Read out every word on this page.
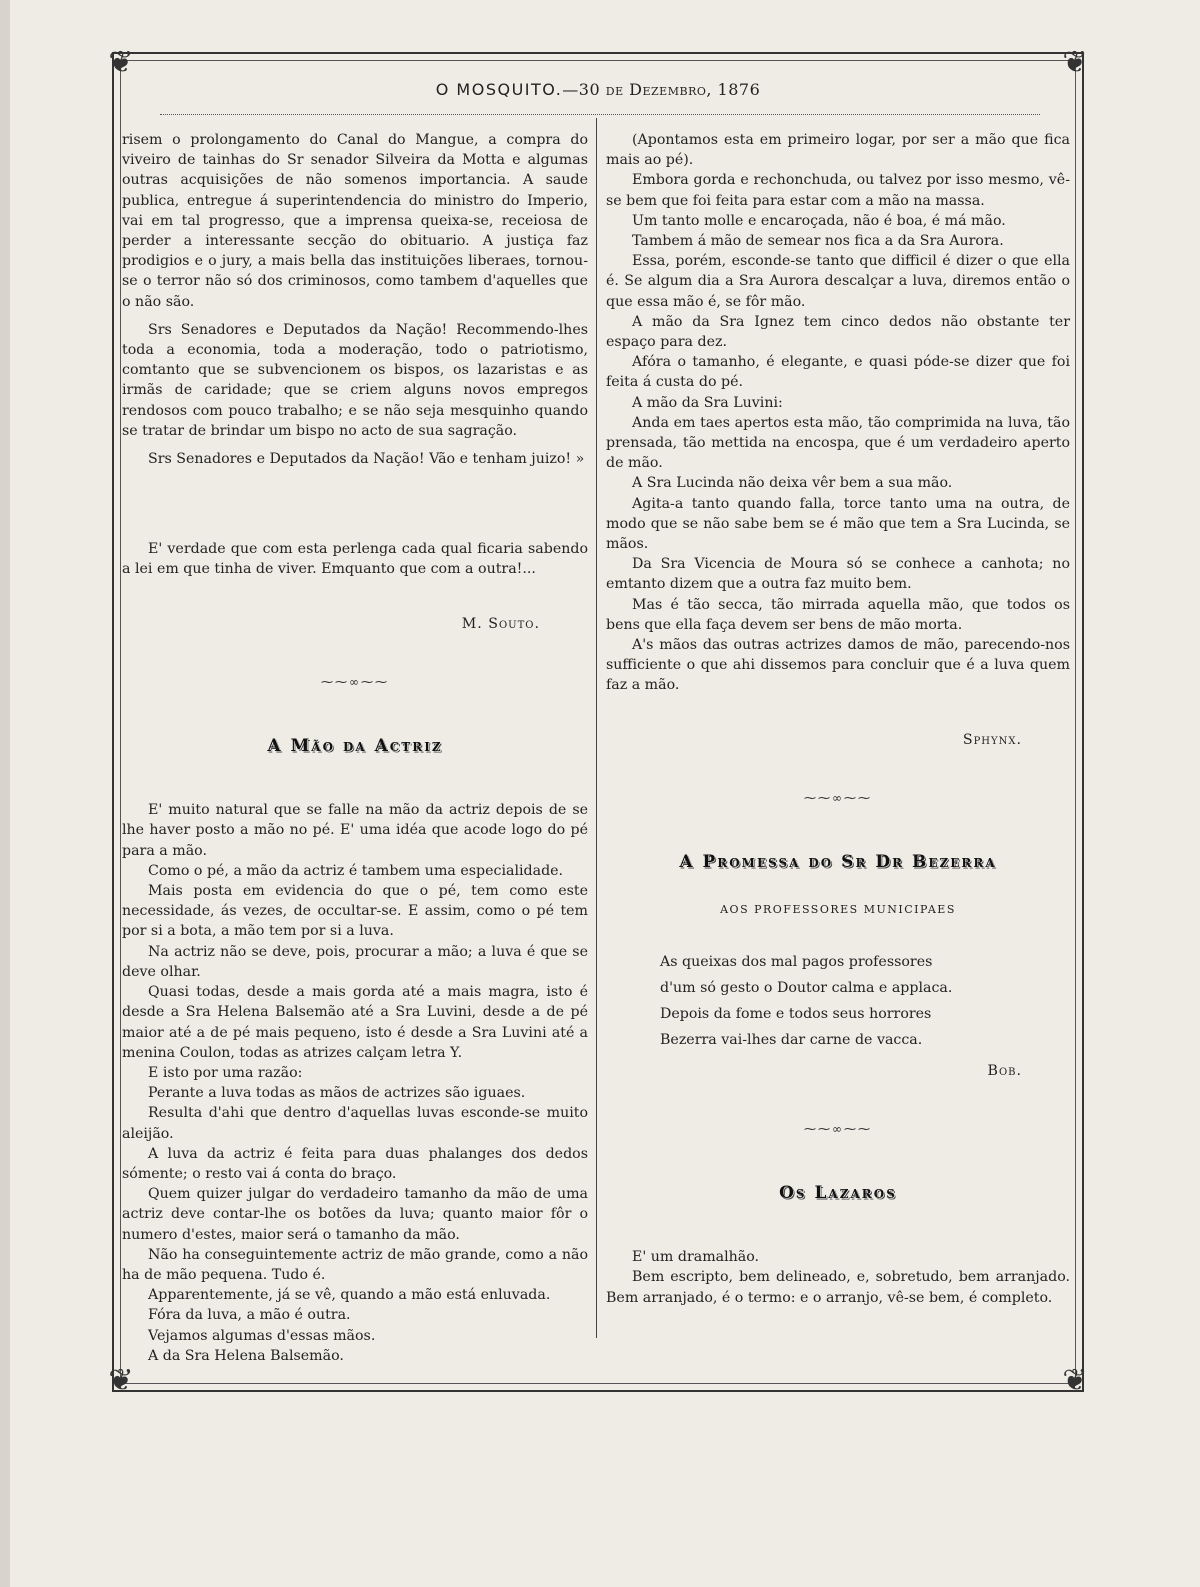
❦	❦
❦	❦
O MOSQUITO.—30 de Dezembro, 1876

risem o prolongamento do Canal do Mangue, a compra do viveiro de tainhas do Sr senador Silveira da Motta e algumas outras acquisições de não somenos importancia. A saude publica, entregue á superintendencia do ministro do Imperio, vai em tal progresso, que a imprensa queixa-se, receiosa de perder a interessante secção do obituario. A justiça faz prodigios e o jury, a mais bella das instituições liberaes, tornou-se o terror não só dos criminosos, como tambem d'aquelles que o não são.

Srs Senadores e Deputados da Nação! Recommendo-lhes toda a economia, toda a moderação, todo o patriotismo, comtanto que se subvencionem os bispos, os lazaristas e as irmãs de caridade; que se criem alguns novos empregos rendosos com pouco trabalho; e se não seja mesquinho quando se tratar de brindar um bispo no acto de sua sagração.

Srs Senadores e Deputados da Nação! Vão e tenham juizo! »

E' verdade que com esta perlenga cada qual ficaria sabendo a lei em que tinha de viver. Emquanto que com a outra!...

M. Souto.
⁓⁓∞⁓⁓
A Mão da Actriz

E' muito natural que se falle na mão da actriz depois de se lhe haver posto a mão no pé. E' uma idéa que acode logo do pé para a mão.

Como o pé, a mão da actriz é tambem uma especialidade.

Mais posta em evidencia do que o pé, tem como este necessidade, ás vezes, de occultar-se. E assim, como o pé tem por si a bota, a mão tem por si a luva.

Na actriz não se deve, pois, procurar a mão; a luva é que se deve olhar.

Quasi todas, desde a mais gorda até a mais magra, isto é desde a Sra Helena Balsemão até a Sra Luvini, desde a de pé maior até a de pé mais pequeno, isto é desde a Sra Luvini até a menina Coulon, todas as atrizes calçam letra Y.

E isto por uma razão:

Perante a luva todas as mãos de actrizes são iguaes.

Resulta d'ahi que dentro d'aquellas luvas esconde-se muito aleijão.

A luva da actriz é feita para duas phalanges dos dedos sómente; o resto vai á conta do braço.

Quem quizer julgar do verdadeiro tamanho da mão de uma actriz deve contar-lhe os botões da luva; quanto maior fôr o numero d'estes, maior será o tamanho da mão.

Não ha conseguintemente actriz de mão grande, como a não ha de mão pequena. Tudo é.

Apparentemente, já se vê, quando a mão está enluvada.

Fóra da luva, a mão é outra.

Vejamos algumas d'essas mãos.

A da Sra Helena Balsemão.

(Apontamos esta em primeiro logar, por ser a mão que fica mais ao pé).

Embora gorda e rechonchuda, ou talvez por isso mesmo, vê-se bem que foi feita para estar com a mão na massa.

Um tanto molle e encaroçada, não é boa, é má mão.

Tambem á mão de semear nos fica a da Sra Aurora.

Essa, porém, esconde-se tanto que difficil é dizer o que ella é. Se algum dia a Sra Aurora descalçar a luva, diremos então o que essa mão é, se fôr mão.

A mão da Sra Ignez tem cinco dedos não obstante ter espaço para dez.

Afóra o tamanho, é elegante, e quasi póde-se dizer que foi feita á custa do pé.

A mão da Sra Luvini:

Anda em taes apertos esta mão, tão comprimida na luva, tão prensada, tão mettida na encospa, que é um verdadeiro aperto de mão.

A Sra Lucinda não deixa vêr bem a sua mão.

Agita-a tanto quando falla, torce tanto uma na outra, de modo que se não sabe bem se é mão que tem a Sra Lucinda, se mãos.

Da Sra Vicencia de Moura só se conhece a canhota; no emtanto dizem que a outra faz muito bem.

Mas é tão secca, tão mirrada aquella mão, que todos os bens que ella faça devem ser bens de mão morta.

A's mãos das outras actrizes damos de mão, parecendo-nos sufficiente o que ahi dissemos para concluir que é a luva quem faz a mão.

Sphynx.
⁓⁓∞⁓⁓
A Promessa do Sr Dr Bezerra
AOS PROFESSORES MUNICIPAES
As queixas dos mal pagos professores
d'um só gesto o Doutor calma e applaca.
Depois da fome e todos seus horrores
Bezerra vai-lhes dar carne de vacca.
Bob.
⁓⁓∞⁓⁓
Os Lazaros

E' um dramalhão.

Bem escripto, bem delineado, e, sobretudo, bem arranjado. Bem arranjado, é o termo: e o arranjo, vê-se bem, é completo.
